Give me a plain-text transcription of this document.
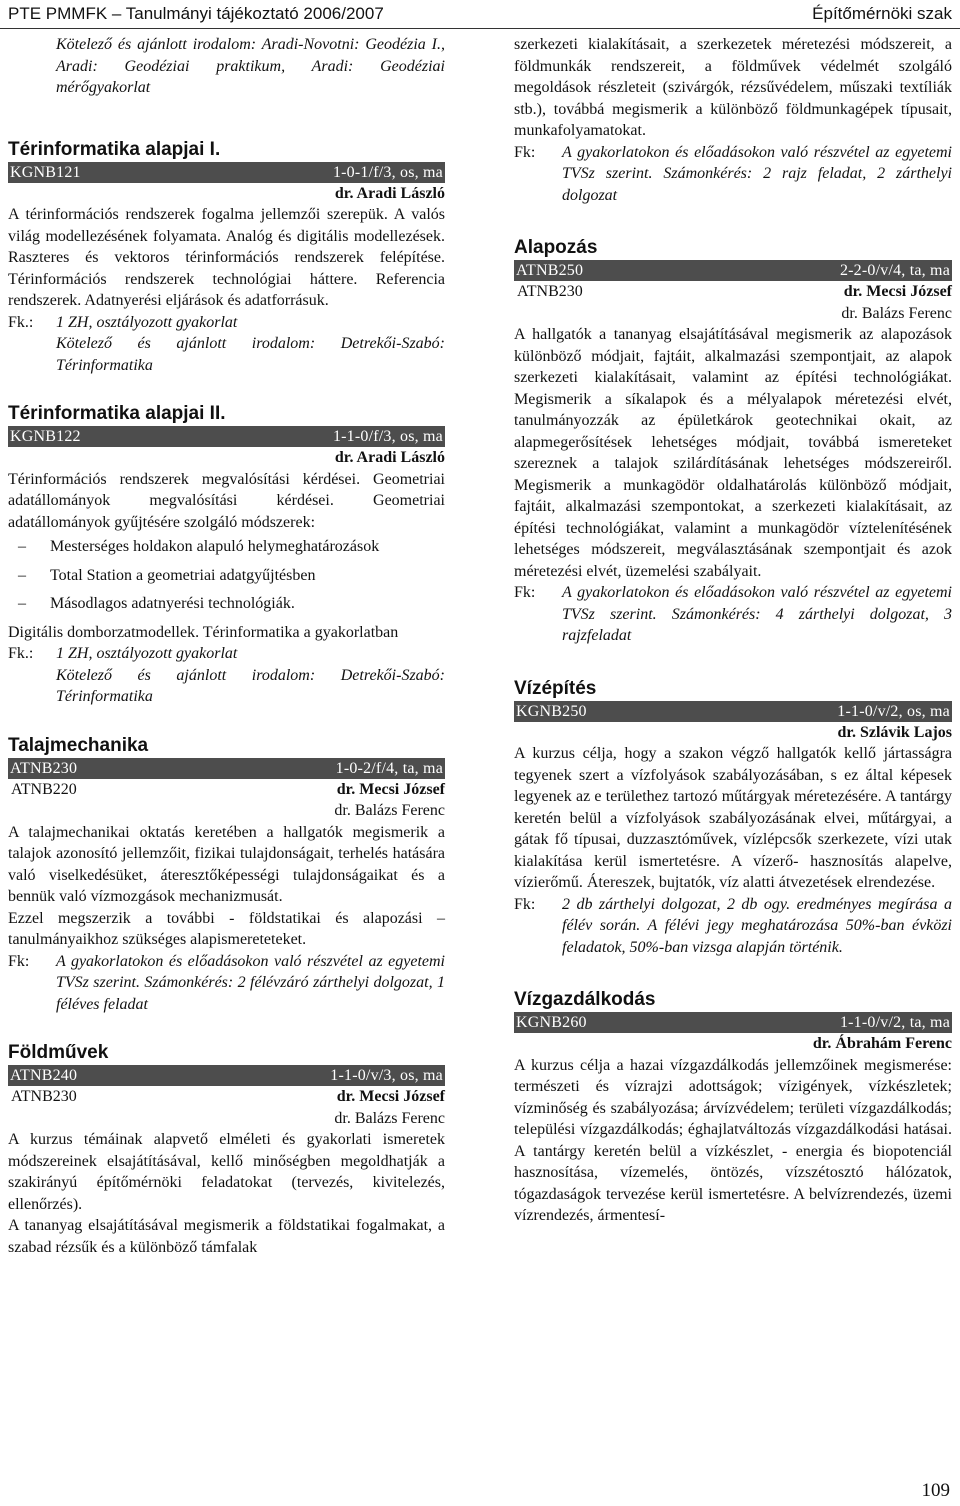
PTE PMMFK – Tanulmányi tájékoztató 2006/2007	Építőmérnöki szak
Kötelező és ajánlott irodalom: Aradi-Novotni: Geodézia I., Aradi: Geodéziai praktikum, Aradi: Geodéziai mérőgyakorlat
Térinformatika alapjai I.
KGNB121	1-0-1/f/3, os, ma
dr. Aradi László

A térinformációs rendszerek fogalma jellemzői szerepük. A valós világ modellezésének folyamata. Analóg és digitális modellezések. Raszteres és vektoros térinformációs rendszerek felépítése. Térinformációs rendszerek technológiai háttere. Referencia rendszerek. Adatnyerési eljárások és adatforrásuk.

Fk.: 1 ZH, osztályozott gyakorlat
Kötelező és ajánlott irodalom: Detrekői-Szabó: Térinformatika
Térinformatika alapjai II.
KGNB122	1-1-0/f/3, os, ma
dr. Aradi László

Térinformációs rendszerek megvalósítási kérdései. Geometriai adatállományok megvalósítási kérdései. Geometriai adatállományok gyűjtésére szolgáló módszerek:

– Mesterséges holdakon alapuló helymeghatározások
– Total Station a geometriai adatgyűjtésben
– Másodlagos adatnyerési technológiák.

Digitális domborzatmodellek. Térinformatika a gyakorlatban

Fk.: 1 ZH, osztályozott gyakorlat
Kötelező és ajánlott irodalom: Detrekői-Szabó: Térinformatika
Talajmechanika
ATNB230	1-0-2/f/4, ta, ma
ATNB220	dr. Mecsi József
dr. Balázs Ferenc

A talajmechanikai oktatás keretében a hallgatók megismerik a talajok azonosító jellemzőit, fizikai tulajdonságait, terhelés hatására való viselkedésüket, áteresztőképességi tulajdonságaikat és a bennük való vízmozgások mechanizmusát.

Ezzel megszerzik a további - földstatikai és alapozási – tanulmányaikhoz szükséges alapismereteteket.

Fk: A gyakorlatokon és előadásokon való részvétel az egyetemi TVSz szerint. Számonkérés: 2 félévzáró zárthelyi dolgozat, 1 féléves feladat
Földművek
ATNB240	1-1-0/v/3, os, ma
ATNB230	dr. Mecsi József
dr. Balázs Ferenc

A kurzus témáinak alapvető elméleti és gyakorlati ismeretek módszereinek elsajátításával, kellő minőségben megoldhatják a szakirányú építőmérnöki feladatokat (tervezés, kivitelezés, ellenőrzés).

A tananyag elsajátításával megismerik a földstatikai fogalmakat, a szabad rézsűk és a különböző támfalak

szerkezeti kialakításait, a szerkezetek méretezési módszereit, a földmunkák rendszereit, a földművek védelmét szolgáló megoldások részleteit (szivárgók, rézsűvédelem, műszaki textíliák stb.), továbbá megismerik a különböző földmunkagépek típusait, munkafolyamatokat.

Fk: A gyakorlatokon és előadásokon való részvétel az egyetemi TVSz szerint. Számonkérés: 2 rajz feladat, 2 zárthelyi dolgozat
Alapozás
ATNB250	2-2-0/v/4, ta, ma
ATNB230	dr. Mecsi József
dr. Balázs Ferenc

A hallgatók a tananyag elsajátításával megismerik az alapozások különböző módjait, fajtáit, alkalmazási szempontjait, az alapok szerkezeti kialakításait, valamint az építési technológiákat. Megismerik a síkalapok és a mélyalapok méretezési elvét, tanulmányozzák az épületkárok geotechnikai okait, az alapmegerősítések lehetséges módjait, továbbá ismereteket szereznek a talajok szilárdításának lehetséges módszereiről. Megismerik a munkagödör oldalhatárolás különböző módjait, fajtáit, alkalmazási szempontokat, a szerkezeti kialakításait, az építési technológiákat, valamint a munkagödör víztelenítésének lehetséges módszereit, megválasztásának szempontjait és azok méretezési elvét, üzemelési szabályait.

Fk: A gyakorlatokon és előadásokon való részvétel az egyetemi TVSz szerint. Számonkérés: 4 zárthelyi dolgozat, 3 rajzfeladat
Vízépítés
KGNB250	1-1-0/v/2, os, ma
dr. Szlávik Lajos

A kurzus célja, hogy a szakon végző hallgatók kellő jártasságra tegyenek szert a vízfolyások szabályozásában, s ez által képesek legyenek az e területhez tartozó műtárgyak méretezésére. A tantárgy keretén belül a vízfolyások szabályozásának elvei, műtárgyai, a gátak fő típusai, duzzasztóművek, vízlépcsők szerkezete, vízi utak kialakítása kerül ismertetésre. A vízerő- hasznosítás alapelve, vízierőmű. Átereszek, bujtatók, víz alatti átvezetések elrendezése.

Fk: 2 db zárthelyi dolgozat, 2 db ogy. eredményes megírása a félév során. A félévi jegy meghatározása 50%-ban évközi feladatok, 50%-ban vizsga alapján történik.
Vízgazdálkodás
KGNB260	1-1-0/v/2, ta, ma
dr. Ábrahám Ferenc

A kurzus célja a hazai vízgazdálkodás jellemzőinek megismerése: természeti és vízrajzi adottságok; vízigények, vízkészletek; vízminőség és szabályozása; árvízvédelem; területi vízgazdálkodás; települési vízgazdálkodás; éghajlatváltozás vízgazdálkodási hatásai. A tantárgy keretén belül a vízkészlet, - energia és biopotenciál hasznosítása, vízemelés, öntözés, vízszétosztó hálózatok, tógazdaságok tervezése kerül ismertetésre. A belvízrendezés, üzemi vízrendezés, ármentesí-

109
